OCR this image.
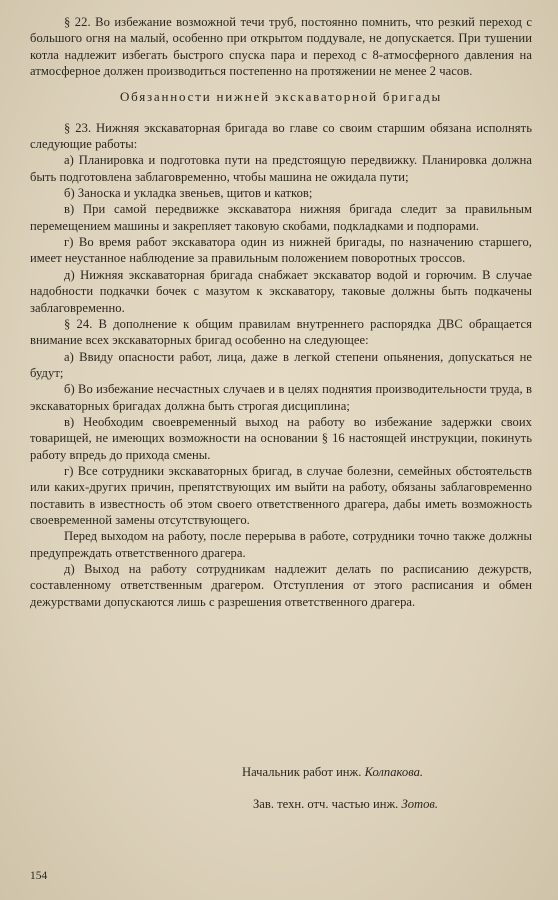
§ 22. Во избежание возможной течи труб, постоянно помнить, что резкий переход с большого огня на малый, особенно при открытом поддувале, не допускается. При тушении котла надлежит избегать быстрого спуска пара и переход с 8-атмосферного давления на атмосферное должен производиться постепенно на протяжении не менее 2 часов.

Обязанности нижней экскаваторной бригады

§ 23. Нижняя экскаваторная бригада во главе со своим старшим обязана исполнять следующие работы:

а) Планировка и подготовка пути на предстоящую передвижку. Планировка должна быть подготовлена заблаговременно, чтобы машина не ожидала пути;

б) Заноска и укладка звеньев, щитов и катков;

в) При самой передвижке экскаватора нижняя бригада следит за правильным перемещением машины и закрепляет таковую скобами, подкладками и подпорами.

г) Во время работ экскаватора один из нижней бригады, по назначению старшего, имеет неустанное наблюдение за правильным положением поворотных троссов.

д) Нижняя экскаваторная бригада снабжает экскаватор водой и горючим. В случае надобности подкачки бочек с мазутом к экскаватору, таковые должны быть подкачены заблаговременно.

§ 24. В дополнение к общим правилам внутреннего распорядка ДВС обращается внимание всех экскаваторных бригад особенно на следующее:

а) Ввиду опасности работ, лица, даже в легкой степени опьянения, допускаться не будут;

б) Во избежание несчастных случаев и в целях поднятия производительности труда, в экскаваторных бригадах должна быть строгая дисциплина;

в) Необходим своевременный выход на работу во избежание задержки своих товарищей, не имеющих возможности на основании § 16 настоящей инструкции, покинуть работу впредь до прихода смены.

г) Все сотрудники экскаваторных бригад, в случае болезни, семейных обстоятельств или каких-другиx причин, препятствующих им выйти на работу, обязаны заблаговременно поставить в известность об этом своего ответственного драгера, дабы иметь возможность своевременной замены отсутствующего.

Перед выходом на работу, после перерыва в работе, сотрудники точно также должны предупреждать ответственного драгера.

д) Выход на работу сотрудникам надлежит делать по расписанию дежурств, составленному ответственным драгером. Отступления от этого расписания и обмен дежурствами допускаются лишь с разрешения ответственного драгера.

Начальник работ инж. Колпакова.
Зав. техн. отч. частью инж. Зотов.
154
